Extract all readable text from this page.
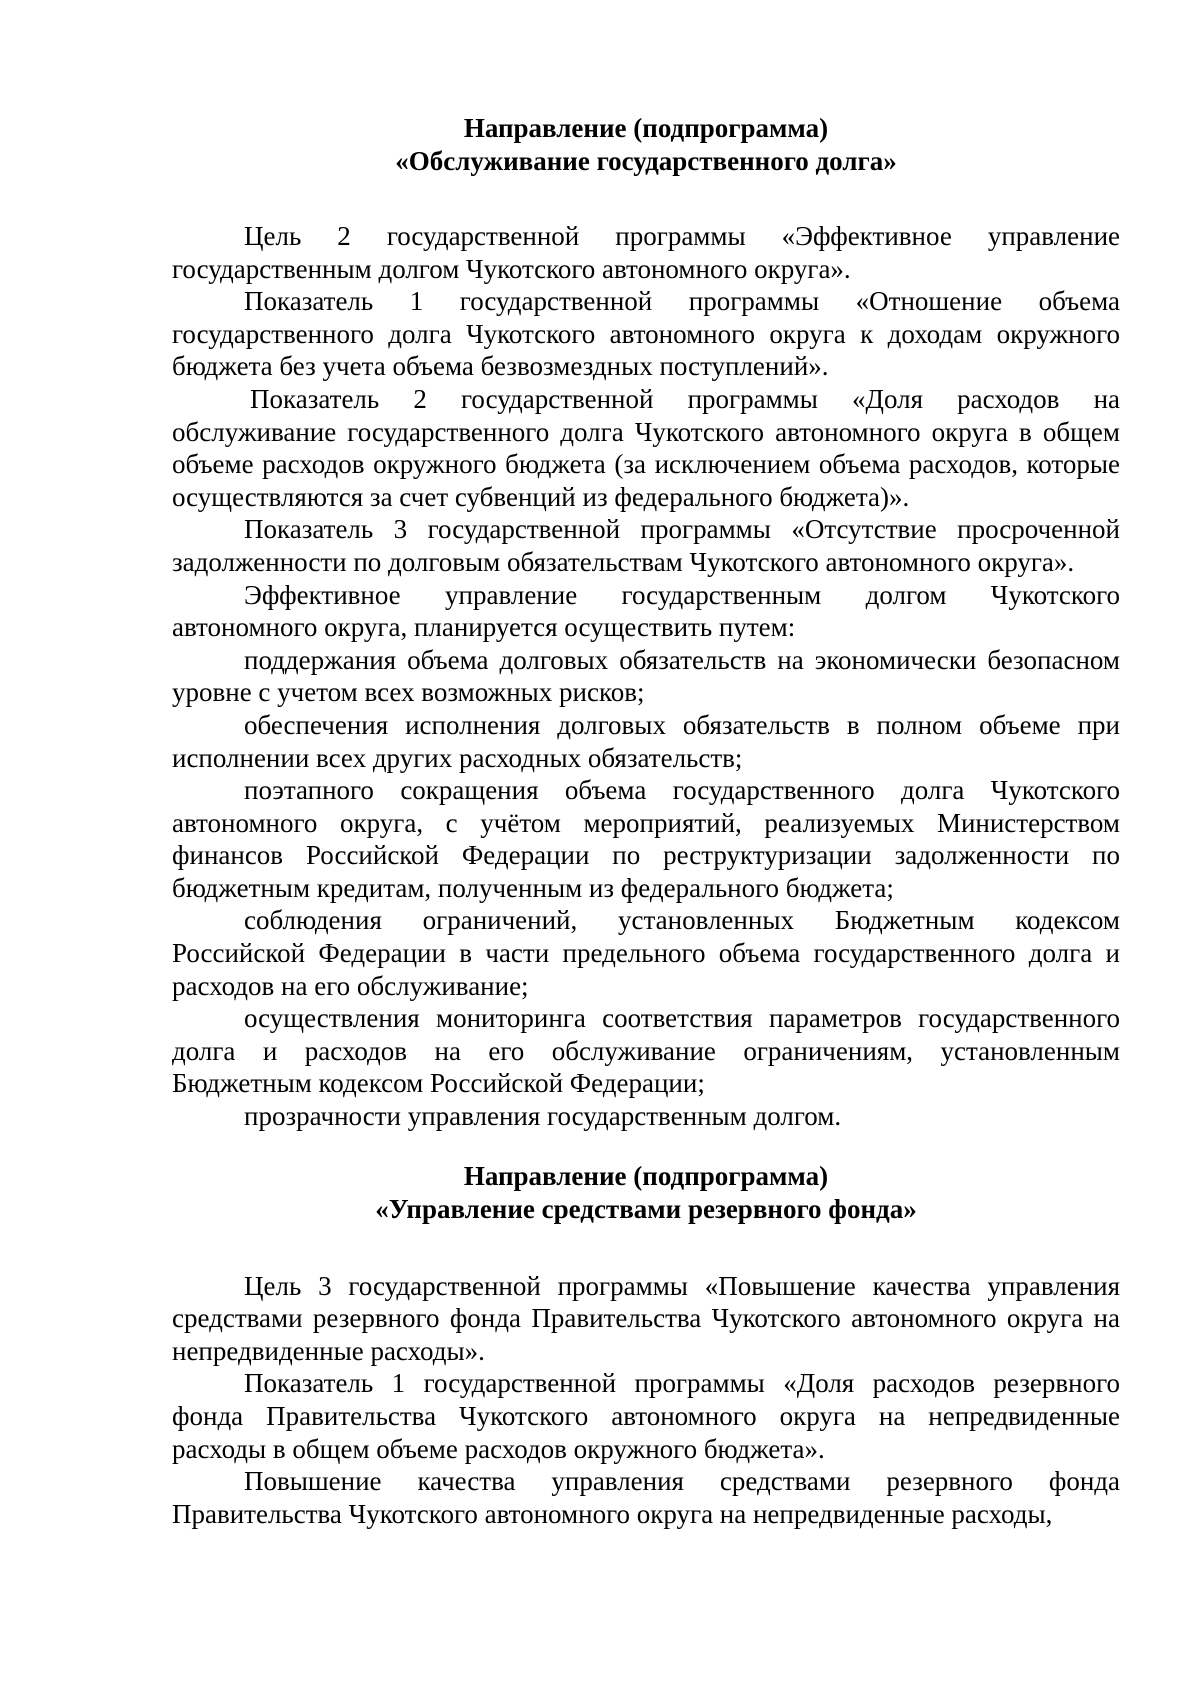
Направление (подпрограмма)
«Обслуживание государственного долга»

Цель 2 государственной программы «Эффективное управление государственным долгом Чукотского автономного округа».

Показатель 1 государственной программы «Отношение объема государственного долга Чукотского автономного округа к доходам окружного бюджета без учета объема безвозмездных поступлений».

Показатель 2 государственной программы «Доля расходов на обслуживание государственного долга Чукотского автономного округа в общем объеме расходов окружного бюджета (за исключением объема расходов, которые осуществляются за счет субвенций из федерального бюджета)».

Показатель 3 государственной программы «Отсутствие просроченной задолженности по долговым обязательствам Чукотского автономного округа».

Эффективное управление государственным долгом Чукотского автономного округа, планируется осуществить путем:

поддержания объема долговых обязательств на экономически безопасном уровне с учетом всех возможных рисков;

обеспечения исполнения долговых обязательств в полном объеме при исполнении всех других расходных обязательств;

поэтапного сокращения объема государственного долга Чукотского автономного округа, с учётом мероприятий, реализуемых Министерством финансов Российской Федерации по реструктуризации задолженности по бюджетным кредитам, полученным из федерального бюджета;

соблюдения ограничений, установленных Бюджетным кодексом Российской Федерации в части предельного объема государственного долга и расходов на его обслуживание;

осуществления мониторинга соответствия параметров государственного долга и расходов на его обслуживание ограничениям, установленным Бюджетным кодексом Российской Федерации;

прозрачности управления государственным долгом.

Направление (подпрограмма)
«Управление средствами резервного фонда»

Цель 3 государственной программы «Повышение качества управления средствами резервного фонда Правительства Чукотского автономного округа на непредвиденные расходы».

Показатель 1 государственной программы «Доля расходов резервного фонда Правительства Чукотского автономного округа на непредвиденные расходы в общем объеме расходов окружного бюджета».

Повышение качества управления средствами резервного фонда Правительства Чукотского автономного округа на непредвиденные расходы,
